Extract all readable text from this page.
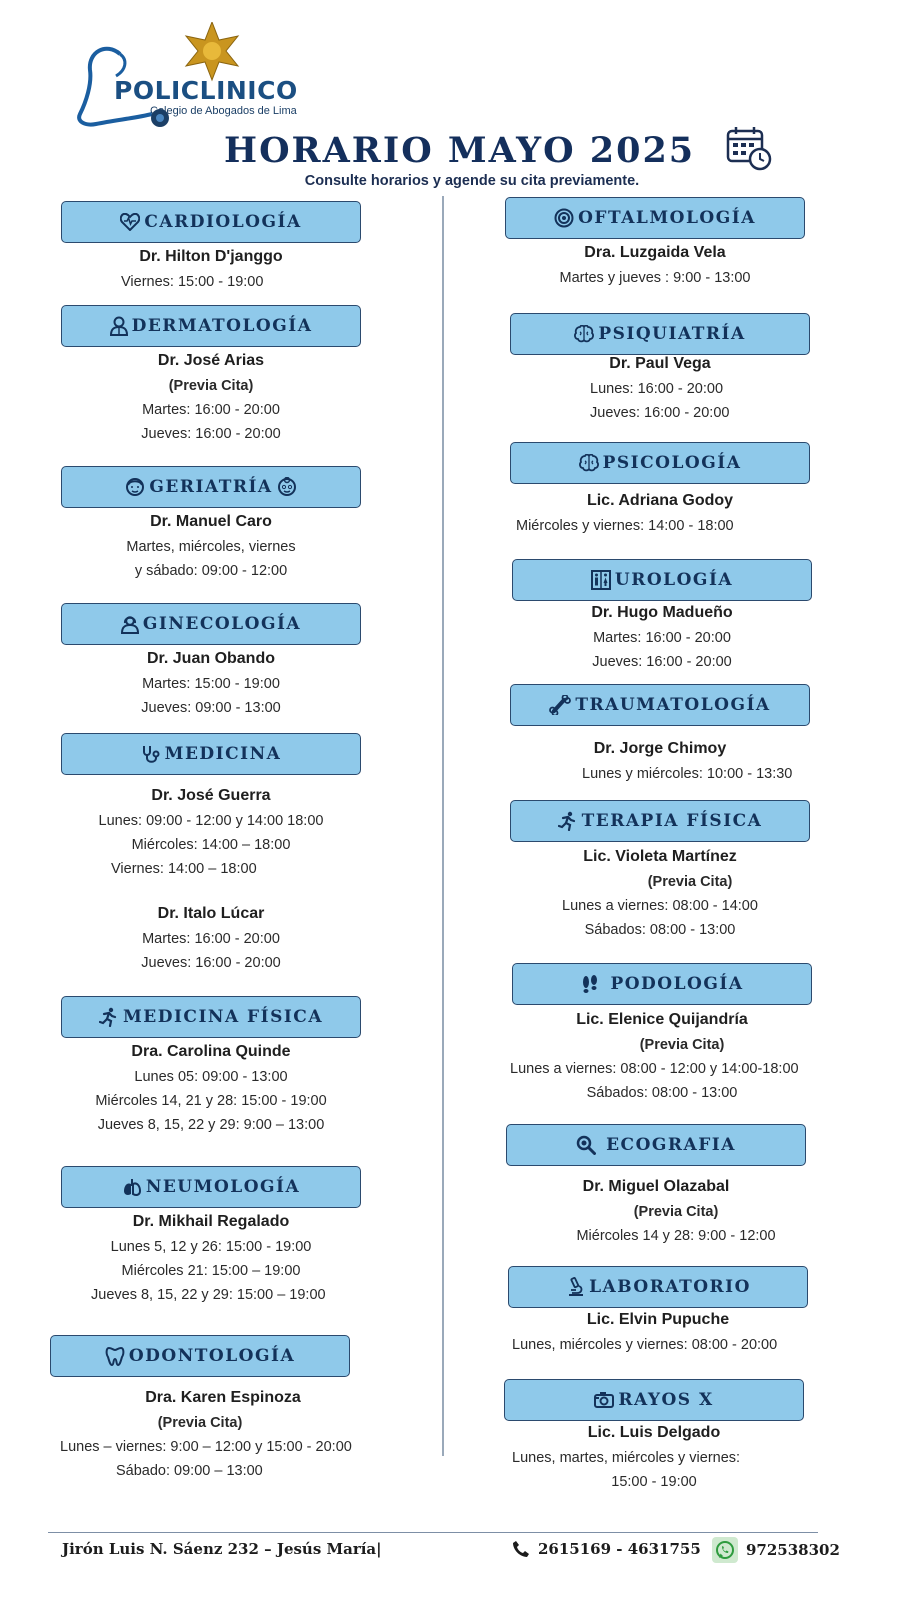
POLICLINICO
Colegio de Abogados de Lima
HORARIO MAYO 2025
Consulte horarios y agende su cita previamente.
CARDIOLOGÍA
Dr. Hilton D'janggo
Viernes: 15:00 - 19:00
DERMATOLOGÍA
Dr. José Arias
(Previa Cita)
Martes: 16:00 - 20:00
Jueves: 16:00 - 20:00
GERIATRÍA
Dr. Manuel Caro
Martes, miércoles, viernes
y sábado: 09:00 - 12:00
GINECOLOGÍA
Dr. Juan Obando
Martes: 15:00 - 19:00
Jueves: 09:00 - 13:00
MEDICINA
Dr. José Guerra
Lunes: 09:00 - 12:00 y 14:00 18:00
Miércoles: 14:00 – 18:00
Viernes: 14:00 – 18:00
Dr. Italo Lúcar
Martes: 16:00 - 20:00
Jueves: 16:00 - 20:00
MEDICINA FÍSICA
Dra. Carolina Quinde
Lunes 05: 09:00 - 13:00
Miércoles 14, 21 y 28: 15:00 - 19:00
Jueves 8, 15, 22 y 29: 9:00 – 13:00
NEUMOLOGÍA
Dr. Mikhail Regalado
Lunes 5, 12 y 26: 15:00 - 19:00
Miércoles 21: 15:00 – 19:00
Jueves 8, 15, 22 y 29: 15:00 – 19:00
ODONTOLOGÍA
Dra. Karen Espinoza
(Previa Cita)
Lunes – viernes: 9:00 – 12:00 y 15:00 - 20:00
Sábado: 09:00 – 13:00
OFTALMOLOGÍA
Dra. Luzgaida Vela
Martes y jueves : 9:00 - 13:00
PSIQUIATRÍA
Dr. Paul Vega
Lunes: 16:00 - 20:00
Jueves: 16:00 - 20:00
PSICOLOGÍA
Lic. Adriana Godoy
Miércoles y viernes: 14:00 - 18:00
UROLOGÍA
Dr. Hugo Madueño
Martes: 16:00 - 20:00
Jueves: 16:00 - 20:00
TRAUMATOLOGÍA
Dr. Jorge Chimoy
Lunes y miércoles: 10:00 - 13:30
TERAPIA FÍSICA
Lic. Violeta Martínez
(Previa Cita)
Lunes a viernes: 08:00 - 14:00
Sábados: 08:00 - 13:00
PODOLOGÍA
Lic. Elenice Quijandría
(Previa Cita)
Lunes a viernes: 08:00 - 12:00 y 14:00-18:00
Sábados: 08:00 - 13:00
ECOGRAFIA
Dr. Miguel Olazabal
(Previa Cita)
Miércoles 14 y 28: 9:00 - 12:00
LABORATORIO
Lic. Elvin Pupuche
Lunes, miércoles y viernes: 08:00 - 20:00
RAYOS X
Lic. Luis Delgado
Lunes, martes, miércoles y viernes:
15:00 - 19:00
Jirón Luis N. Sáenz 232 – Jesús María|	2615169 - 4631755	972538302
